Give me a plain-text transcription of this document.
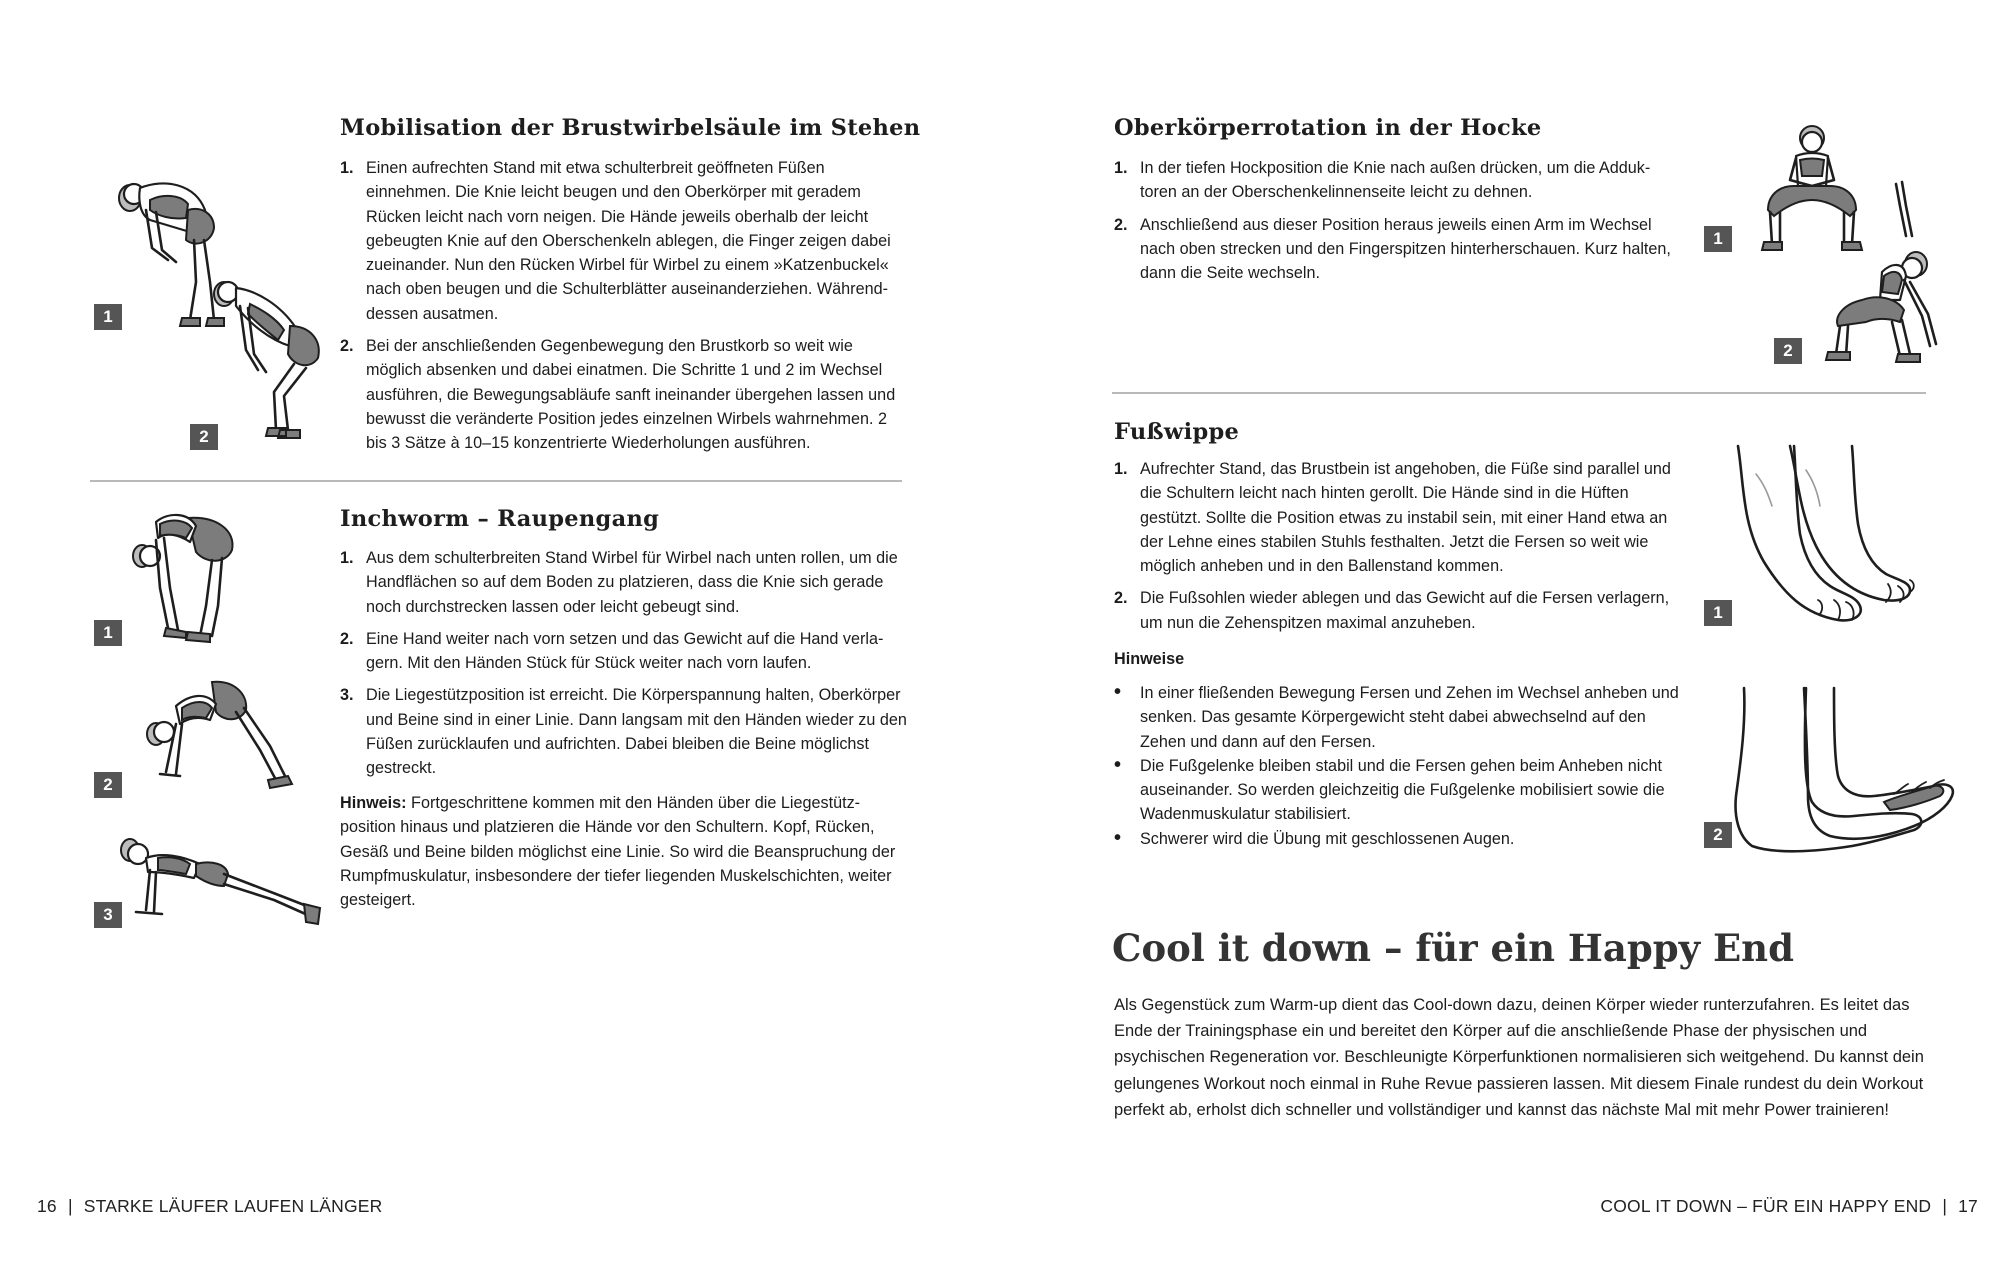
1
2
Mobilisation der Brustwirbelsäule im Stehen
1. Einen aufrechten Stand mit etwa schulterbreit geöffneten Füßen einnehmen. Die Knie leicht beugen und den Oberkörper mit geradem Rücken leicht nach vorn neigen. Die Hände jeweils oberhalb der leicht gebeugten Knie auf den Oberschenkeln ablegen, die Finger zeigen dabei zueinander. Nun den Rücken Wirbel für Wirbel zu einem »Katzenbuckel« nach oben beugen und die Schulterblätter auseinanderziehen. Währenddessen ausatmen.
2. Bei der anschließenden Gegenbewegung den Brustkorb so weit wie möglich absenken und dabei einatmen. Die Schritte 1 und 2 im Wechsel ausführen, die Bewegungsabläufe sanft ineinander übergehen lassen und bewusst die veränderte Position jedes einzelnen Wirbels wahrnehmen. 2 bis 3 Sätze à 10–15 konzentrierte Wiederholungen ausführen.
1
2
3
Inchworm – Raupengang
1. Aus dem schulterbreiten Stand Wirbel für Wirbel nach unten rollen, um die Handflächen so auf dem Boden zu platzieren, dass die Knie sich gerade noch durchstrecken lassen oder leicht gebeugt sind.
2. Eine Hand weiter nach vorn setzen und das Gewicht auf die Hand verlagern. Mit den Händen Stück für Stück weiter nach vorn laufen.
3. Die Liegestützposition ist erreicht. Die Körperspannung halten, Oberkörper und Beine sind in einer Linie. Dann langsam mit den Händen wieder zu den Füßen zurücklaufen und aufrichten. Dabei bleiben die Beine möglichst gestreckt.

Hinweis: Fortgeschrittene kommen mit den Händen über die Liegestützposition hinaus und platzieren die Hände vor den Schultern. Kopf, Rücken, Gesäß und Beine bilden möglichst eine Linie. So wird die Beanspruchung der Rumpfmuskulatur, insbesondere der tiefer liegenden Muskelschichten, weiter gesteigert.

16 | STARKE LÄUFER LAUFEN LÄNGER
Oberkörperrotation in der Hocke
1. In der tiefen Hockposition die Knie nach außen drücken, um die Adduktoren an der Oberschenkelinnenseite leicht zu dehnen.
2. Anschließend aus dieser Position heraus jeweils einen Arm im Wechsel nach oben strecken und den Fingerspitzen hinterherschauen. Kurz halten, dann die Seite wechseln.
1
2
Fußwippe
1. Aufrechter Stand, das Brustbein ist angehoben, die Füße sind parallel und die Schultern leicht nach hinten gerollt. Die Hände sind in die Hüften gestützt. Sollte die Position etwas zu instabil sein, mit einer Hand etwa an der Lehne eines stabilen Stuhls festhalten. Jetzt die Fersen so weit wie möglich anheben und in den Ballenstand kommen.
2. Die Fußsohlen wieder ablegen und das Gewicht auf die Fersen verlagern, um nun die Zehenspitzen maximal anzuheben.
Hinweise
• In einer fließenden Bewegung Fersen und Zehen im Wechsel anheben und senken. Das gesamte Körpergewicht steht dabei abwechselnd auf den Zehen und dann auf den Fersen.
• Die Fußgelenke bleiben stabil und die Fersen gehen beim Anheben nicht auseinander. So werden gleichzeitig die Fußgelenke mobilisiert sowie die Wadenmuskulatur stabilisiert.
• Schwerer wird die Übung mit geschlossenen Augen.
1
2
Cool it down – für ein Happy End

Als Gegenstück zum Warm-up dient das Cool-down dazu, deinen Körper wieder runterzufahren. Es leitet das Ende der Trainingsphase ein und bereitet den Körper auf die anschließende Phase der physischen und psychischen Regeneration vor. Beschleunigte Körperfunktionen normalisieren sich weitgehend. Du kannst dein gelungenes Workout noch einmal in Ruhe Revue passieren lassen. Mit diesem Finale rundest du dein Workout perfekt ab, erholst dich schneller und vollständiger und kannst das nächste Mal mit mehr Power trainieren!

COOL IT DOWN – FÜR EIN HAPPY END | 17
